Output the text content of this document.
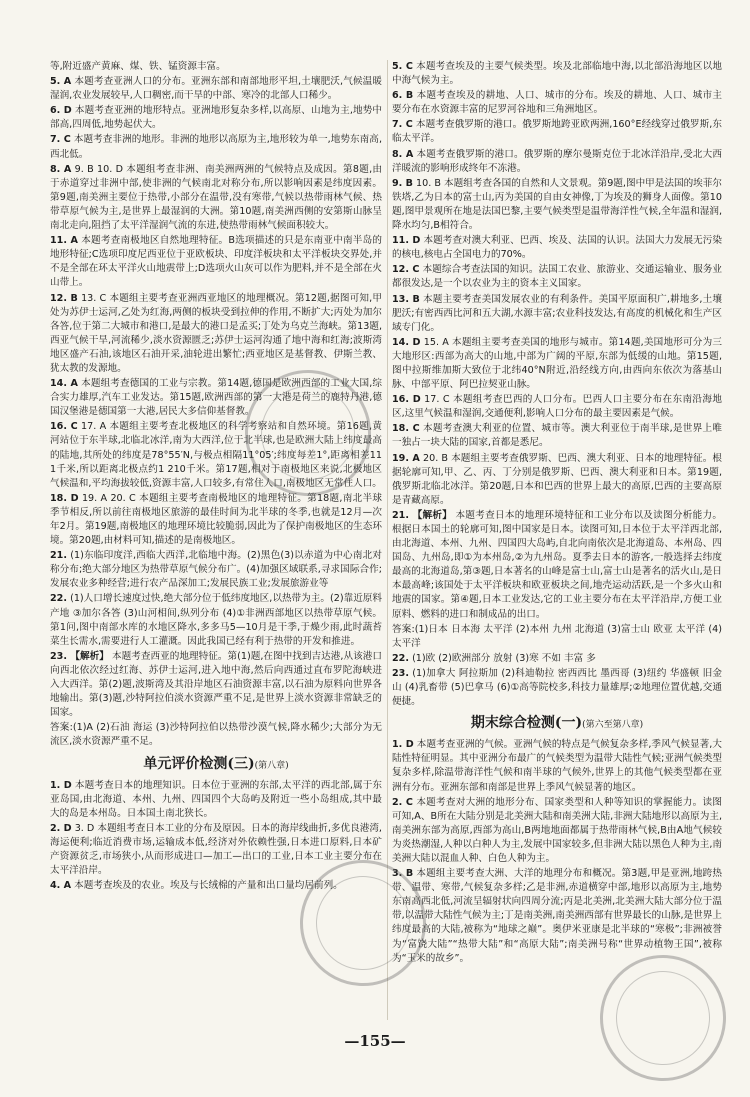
等,附近盛产黄麻、煤、铁、锰资源丰富。

5. A 本题考查亚洲人口的分布。亚洲东部和南部地形平坦,土壤肥沃,气候温暖湿润,农业发展较早,人口稠密,而干旱的中部、寒冷的北部人口稀少。

6. D 本题考查亚洲的地形特点。亚洲地形复杂多样,以高原、山地为主,地势中部高,四周低,地势起伏大。

7. C 本题考查非洲的地形。非洲的地形以高原为主,地形较为单一,地势东南高,西北低。

8. A 9. B 10. D 本题组考查非洲、南美洲两洲的气候特点及成因。第8题,由于赤道穿过非洲中部,使非洲的气候南北对称分布,所以影响因素是纬度因素。第9题,南美洲主要位于热带,小部分在温带,没有寒带,气候以热带雨林气候、热带草原气候为主,是世界上最湿润的大洲。第10题,南美洲西侧的安第斯山脉呈南北走向,阻挡了太平洋湿润气流的东进,使热带雨林气候面积较大。

11. A 本题考查南极地区自然地理特征。B选项描述的只是东南亚中南半岛的地形特征;C选项印度尼西亚位于亚欧板块、印度洋板块和太平洋板块交界处,并不是全部在环太平洋火山地震带上;D选项火山灰可以作为肥料,并不是全部在火山带上。

12. B 13. C 本题组主要考查亚洲西亚地区的地理概况。第12题,据图可知,甲处为苏伊士运河,乙处为红海,两侧的板块受到拉伸的作用,不断扩大;丙处为加尔各答,位于第二大城市和港口,是最大的港口是孟买;丁处为乌克兰海峡。第13题,西亚气候干旱,河流稀少,淡水资源匮乏;苏伊士运河沟通了地中海和红海;波斯湾地区盛产石油,该地区石油开采,油轮进出繁忙;西亚地区是基督教、伊斯兰教、犹太教的发源地。

14. A 本题组考查德国的工业与宗教。第14题,德国是欧洲西部的工业大国,综合实力雄厚,汽车工业发达。第15题,欧洲西部的第一大港是荷兰的鹿特丹港,德国汉堡港是德国第一大港,居民大多信仰基督教。

16. C 17. A 本题组主要考查北极地区的科学考察站和自然环境。第16题,黄河站位于东半球,北临北冰洋,南为大西洋,位于北半球,也是欧洲大陆上纬度最高的陆地,其所处的纬度是78°55′N,与极点相隔11°05′;纬度每差1°,距离相差111千米,所以距离北极点约1 210千米。第17题,相对于南极地区来说,北极地区气候温和,平均海拔较低,资源丰富,人口较多,有常住人口,南极地区无常住人口。

18. D 19. A 20. C 本题组主要考查南极地区的地理特征。第18题,南北半球季节相反,所以前往南极地区旅游的最佳时间为北半球的冬季,也就是12月—次年2月。第19题,南极地区的地理环境比较脆弱,因此为了保护南极地区的生态环境。第20题,由材料可知,描述的是南极地区。

21. (1)东临印度洋,西临大西洋,北临地中海。(2)黑色(3)以赤道为中心南北对称分布;绝大部分地区为热带草原气候分布广。(4)加强区域联系,寻求国际合作;发展农业多种经营;进行农产品深加工;发展民族工业;发展旅游业等

22. (1)人口增长速度过快,绝大部分位于低纬度地区,以热带为主。(2)靠近原料产地 ③加尔各答 (3)山河相间,纵列分布 (4)①非洲西部地区以热带草原气候。第1问,图中南部水库的水地区降水,多多马5—10月是干季,于燥少雨,此时蔬苔菜生长需水,需要进行人工灌溉。因此我国已经有利于热带的开发和推进。

23. 【解析】 本题考查西亚的地理特征。第(1)题,在图中找到吉达港,从该港口向西北依次经过红海、苏伊士运河,进入地中海,然后向西通过直布罗陀海峡进入大西洋。第(2)题,波斯湾及其沿岸地区石油资源丰富,以石油为原料向世界各地输出。第(3)题,沙特阿拉伯淡水资源严重不足,是世界上淡水资源非常缺乏的国家。

答案:(1)A (2)石油 海运 (3)沙特阿拉伯以热带沙漠气候,降水稀少;大部分为无流区,淡水资源严重不足。

单元评价检测(三)(第八章)

1. D 本题考查日本的地理知识。日本位于亚洲的东部,太平洋的西北部,属于东亚岛国,由北海道、本州、九州、四国四个大岛屿及附近一些小岛组成,其中最大的岛是本州岛。日本国土南北狭长。

2. D 3. D 本题组考查日本工业的分布及原因。日本的海岸线曲折,多优良港湾,海运便利;临近消费市场,运输成本低,经济对外依赖性强,日本进口原料,日本矿产资源贫乏,市场狭小,从而形成进口—加工—出口的工业,日本工业主要分布在太平洋沿岸。

4. A 本题考查埃及的农业。埃及与长绒棉的产量和出口量均居前列。

5. C 本题考查埃及的主要气候类型。埃及北部临地中海,以北部沿海地区以地中海气候为主。

6. B 本题考查埃及的耕地、人口、城市的分布。埃及的耕地、人口、城市主要分布在水资源丰富的尼罗河谷地和三角洲地区。

7. C 本题考查俄罗斯的港口。俄罗斯地跨亚欧两洲,160°E经线穿过俄罗斯,东临太平洋。

8. A 本题考查俄罗斯的港口。俄罗斯的摩尔曼斯克位于北冰洋沿岸,受北大西洋暖流的影响形成终年不冻港。

9. B 10. B 本题组考查各国的自然和人文景观。第9题,图中甲是法国的埃菲尔铁塔,乙为日本的富士山,丙为美国的自由女神像,丁为埃及的狮身人面像。第10题,图甲景观所在地是法国巴黎,主要气候类型是温带海洋性气候,全年温和湿润,降水均匀,B相符合。

11. D 本题考查对澳大利亚、巴西、埃及、法国的认识。法国大力发展无污染的核电,核电占全国电力的70%。

12. C 本题综合考查法国的知识。法国工农业、旅游业、交通运输业、服务业都很发达,是一个以农业为主的资本主义国家。

13. B 本题主要考查美国发展农业的有利条件。美国平原面积广,耕地多,土壤肥沃;有密西西比河和五大湖,水源丰富;农业科技发达,有高度的机械化和生产区域专门化。

14. D 15. A 本题组主要考查美国的地形与城市。第14题,美国地形可分为三大地形区:西部为高大的山地,中部为广阔的平原,东部为低缓的山地。第15题,图中拉斯维加斯大致位于北纬40°N附近,沿经线方向,由西向东依次为落基山脉、中部平原、阿巴拉契亚山脉。

16. D 17. C 本题组考查巴西的人口分布。巴西人口主要分布在东南沿海地区,这里气候温和湿润,交通便利,影响人口分布的最主要因素是气候。

18. C 本题考查澳大利亚的位置、城市等。澳大利亚位于南半球,是世界上唯一独占一块大陆的国家,首都是悉尼。

19. A 20. B 本题组主要考查俄罗斯、巴西、澳大利亚、日本的地理特征。根据轮廓可知,甲、乙、丙、丁分别是俄罗斯、巴西、澳大利亚和日本。第19题,俄罗斯北临北冰洋。第20题,日本和巴西的世界上最大的高原,巴西的主要高原是青藏高原。

21. 【解析】 本题考查日本的地理环境特征和工业分布以及读图分析能力。根据日本国土的轮廓可知,图中国家是日本。读图可知,日本位于太平洋西北部,由北海道、本州、九州、四国四大岛屿,自北向南依次是北海道岛、本州岛、四国岛、九州岛,即①为本州岛,②为九州岛。夏季去日本的游客,一般选择去纬度最高的北海道岛,第③题,日本著名的山峰是富士山,富士山是著名的活火山,是日本最高峰;该国处于太平洋板块和欧亚板块之间,地壳运动活跃,是一个多火山和地震的国家。第④题,日本工业发达,它的工业主要分布在太平洋沿岸,方便工业原料、燃料的进口和制成品的出口。

答案:(1)日本 日本海 太平洋 (2)本州 九州 北海道 (3)富士山 欧亚 太平洋 (4)太平洋

22. (1)欧 (2)欧洲部分 放射 (3)寒 不如 丰富 多

23. (1)加拿大 阿拉斯加 (2)科迪勒拉 密西西比 墨西哥 (3)纽约 华盛顿 旧金山 (4)乳畜带 (5)巴拿马 (6)①高等院校多,科技力量雄厚;②地理位置优越,交通便捷。

期末综合检测(一)(第六至第八章)

1. D 本题考查亚洲的气候。亚洲气候的特点是气候复杂多样,季风气候显著,大陆性特征明显。其中亚洲分布最广的气候类型为温带大陆性气候;亚洲气候类型复杂多样,除温带海洋性气候和南半球的气候外,世界上的其他气候类型都在亚洲有分布。亚洲东部和南部是世界上季风气候显著的地区。

2. C 本题考查对大洲的地形分布、国家类型和人种等知识的掌握能力。读图可知,A、B所在大陆分别是北美洲大陆和南美洲大陆,非洲大陆地形以高原为主,南美洲东部为高原,西部为高山,B两地地面都属于热带雨林气候,B由A地气候较为炎热潮湿,人种以白种人为主,发展中国家较多,但非洲大陆以黑色人种为主,南美洲大陆以混血人种、白色人种为主。

3. B 本题组主要考查大洲、大洋的地理分布和概况。第3题,甲是亚洲,地跨热带、温带、寒带,气候复杂多样;乙是非洲,赤道横穿中部,地形以高原为主,地势东南高西北低,河流呈辐射状向四周分流;丙是北美洲,北美洲大陆大部分位于温带,以温带大陆性气候为主;丁是南美洲,南美洲西部有世界最长的山脉,是世界上纬度最高的大陆,被称为“地球之巅”。奥伊米亚康是北半球的“寒极”;非洲被誉为“富饶大陆”“热带大陆”和“高原大陆”;南美洲号称“世界动植物王国”,被称为“玉米的故乡”。

—155—
